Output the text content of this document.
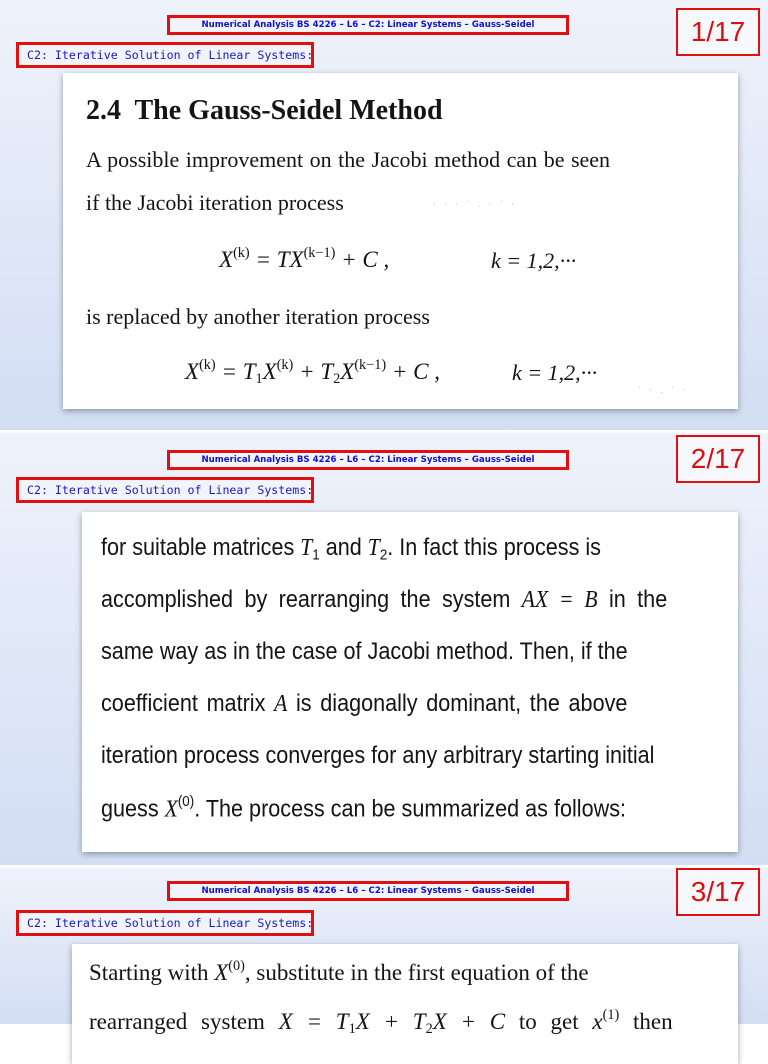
Numerical Analysis BS 4226 – L6 – C2: Linear Systems – Gauss-Seidel	1/17
C2: Iterative Solution of Linear Systems:
2.4  The Gauss-Seidel Method

A possible improvement on the Jacobi method can be seen

if the Jacobi iteration process	· · · ˙ . · ˙ ·
$X^{(k)} = TX^{(k-1)} + C$ ,	k = 1,2,···

is replaced by another iteration process

$X^{(k)} = T_1X^{(k)} + T_2X^{(k-1)} + C$ ,	k = 1,2,···
˙ · . ˙ ·
Numerical Analysis BS 4226 – L6 – C2: Linear Systems – Gauss-Seidel	2/17
C2: Iterative Solution of Linear Systems:
for suitable matrices $T_1$ and $T_2$. In fact this process is
accomplished by rearranging the system AX = B in the
same way as in the case of Jacobi method. Then, if the
coefficient matrix A is diagonally dominant, the above
iteration process converges for any arbitrary starting initial
guess $X^{(0)}$. The process can be summarized as follows:
Numerical Analysis BS 4226 – L6 – C2: Linear Systems – Gauss-Seidel	3/17
C2: Iterative Solution of Linear Systems:
Starting with $X^{(0)}$, substitute in the first equation of the
rearranged system $X = T_1X + T_2X + C$ to get $x^{(1)}$ then
